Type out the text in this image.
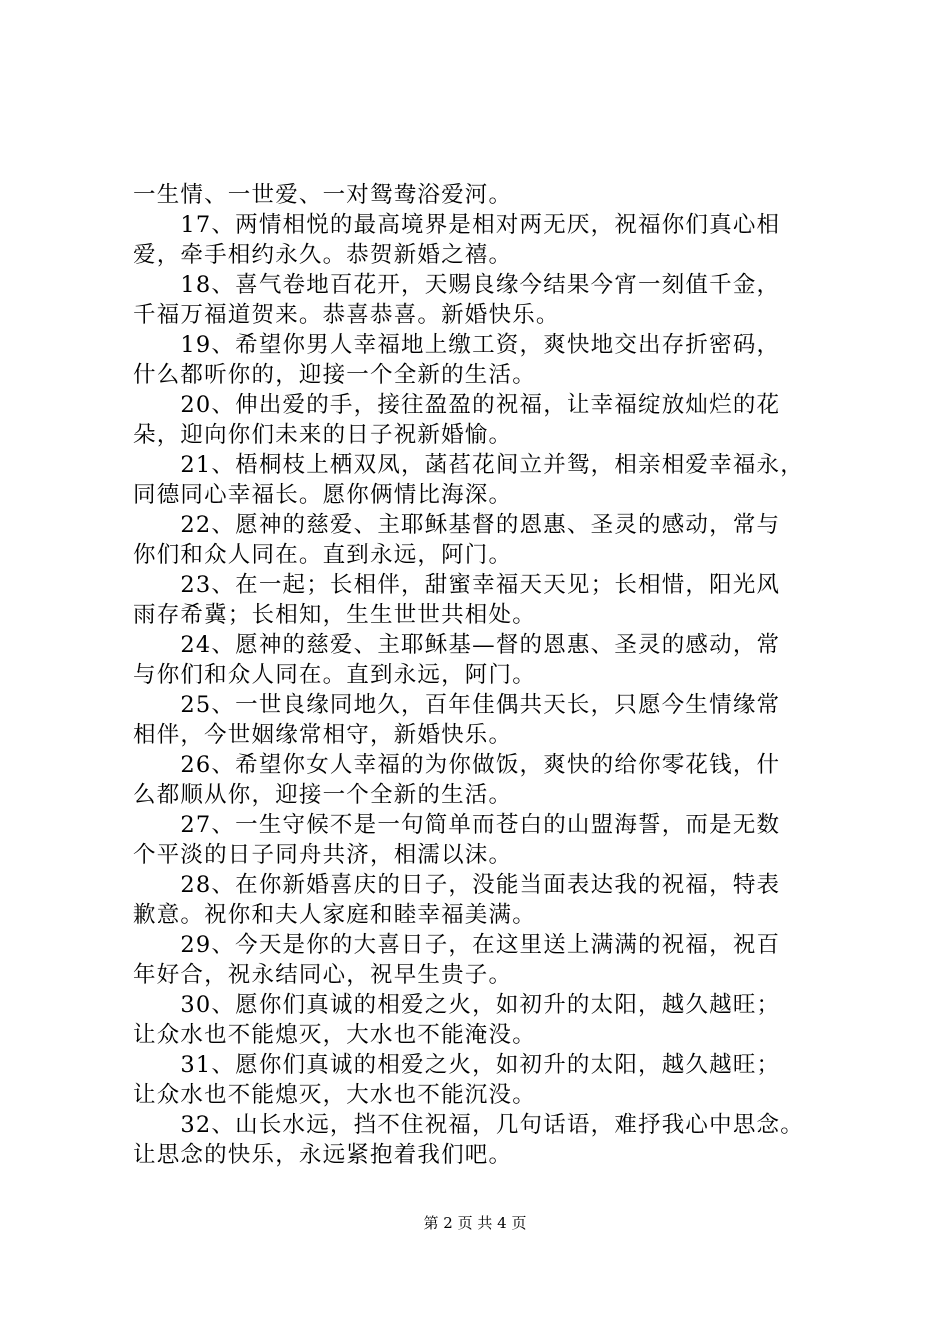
一生情、一世爱、一对鸳鸯浴爱河。
　　17、两情相悦的最高境界是相对两无厌，祝福你们真心相
爱，牵手相约永久。恭贺新婚之禧。
　　18、喜气卷地百花开，天赐良缘今结果今宵一刻值千金，
千福万福道贺来。恭喜恭喜。新婚快乐。
　　19、希望你男人幸福地上缴工资，爽快地交出存折密码，
什么都听你的，迎接一个全新的生活。
　　20、伸出爱的手，接往盈盈的祝福，让幸福绽放灿烂的花
朵，迎向你们未来的日子祝新婚愉。
　　21、梧桐枝上栖双凤，菡萏花间立并鸳，相亲相爱幸福永，
同德同心幸福长。愿你俩情比海深。
　　22、愿神的慈爱、主耶稣基督的恩惠、圣灵的感动，常与
你们和众人同在。直到永远，阿门。
　　23、在一起；长相伴，甜蜜幸福天天见；长相惜，阳光风
雨存希冀；长相知，生生世世共相处。
　　24、愿神的慈爱、主耶稣基—督的恩惠、圣灵的感动，常
与你们和众人同在。直到永远，阿门。
　　25、一世良缘同地久，百年佳偶共天长，只愿今生情缘常
相伴，今世姻缘常相守，新婚快乐。
　　26、希望你女人幸福的为你做饭，爽快的给你零花钱，什
么都顺从你，迎接一个全新的生活。
　　27、一生守候不是一句简单而苍白的山盟海誓，而是无数
个平淡的日子同舟共济，相濡以沫。
　　28、在你新婚喜庆的日子，没能当面表达我的祝福，特表
歉意。祝你和夫人家庭和睦幸福美满。
　　29、今天是你的大喜日子，在这里送上满满的祝福，祝百
年好合，祝永结同心，祝早生贵子。
　　30、愿你们真诚的相爱之火，如初升的太阳，越久越旺；
让众水也不能熄灭，大水也不能淹没。
　　31、愿你们真诚的相爱之火，如初升的太阳，越久越旺；
让众水也不能熄灭，大水也不能沉没。
　　32、山长水远，挡不住祝福，几句话语，难抒我心中思念。
让思念的快乐，永远紧抱着我们吧。
第 2 页 共 4 页
